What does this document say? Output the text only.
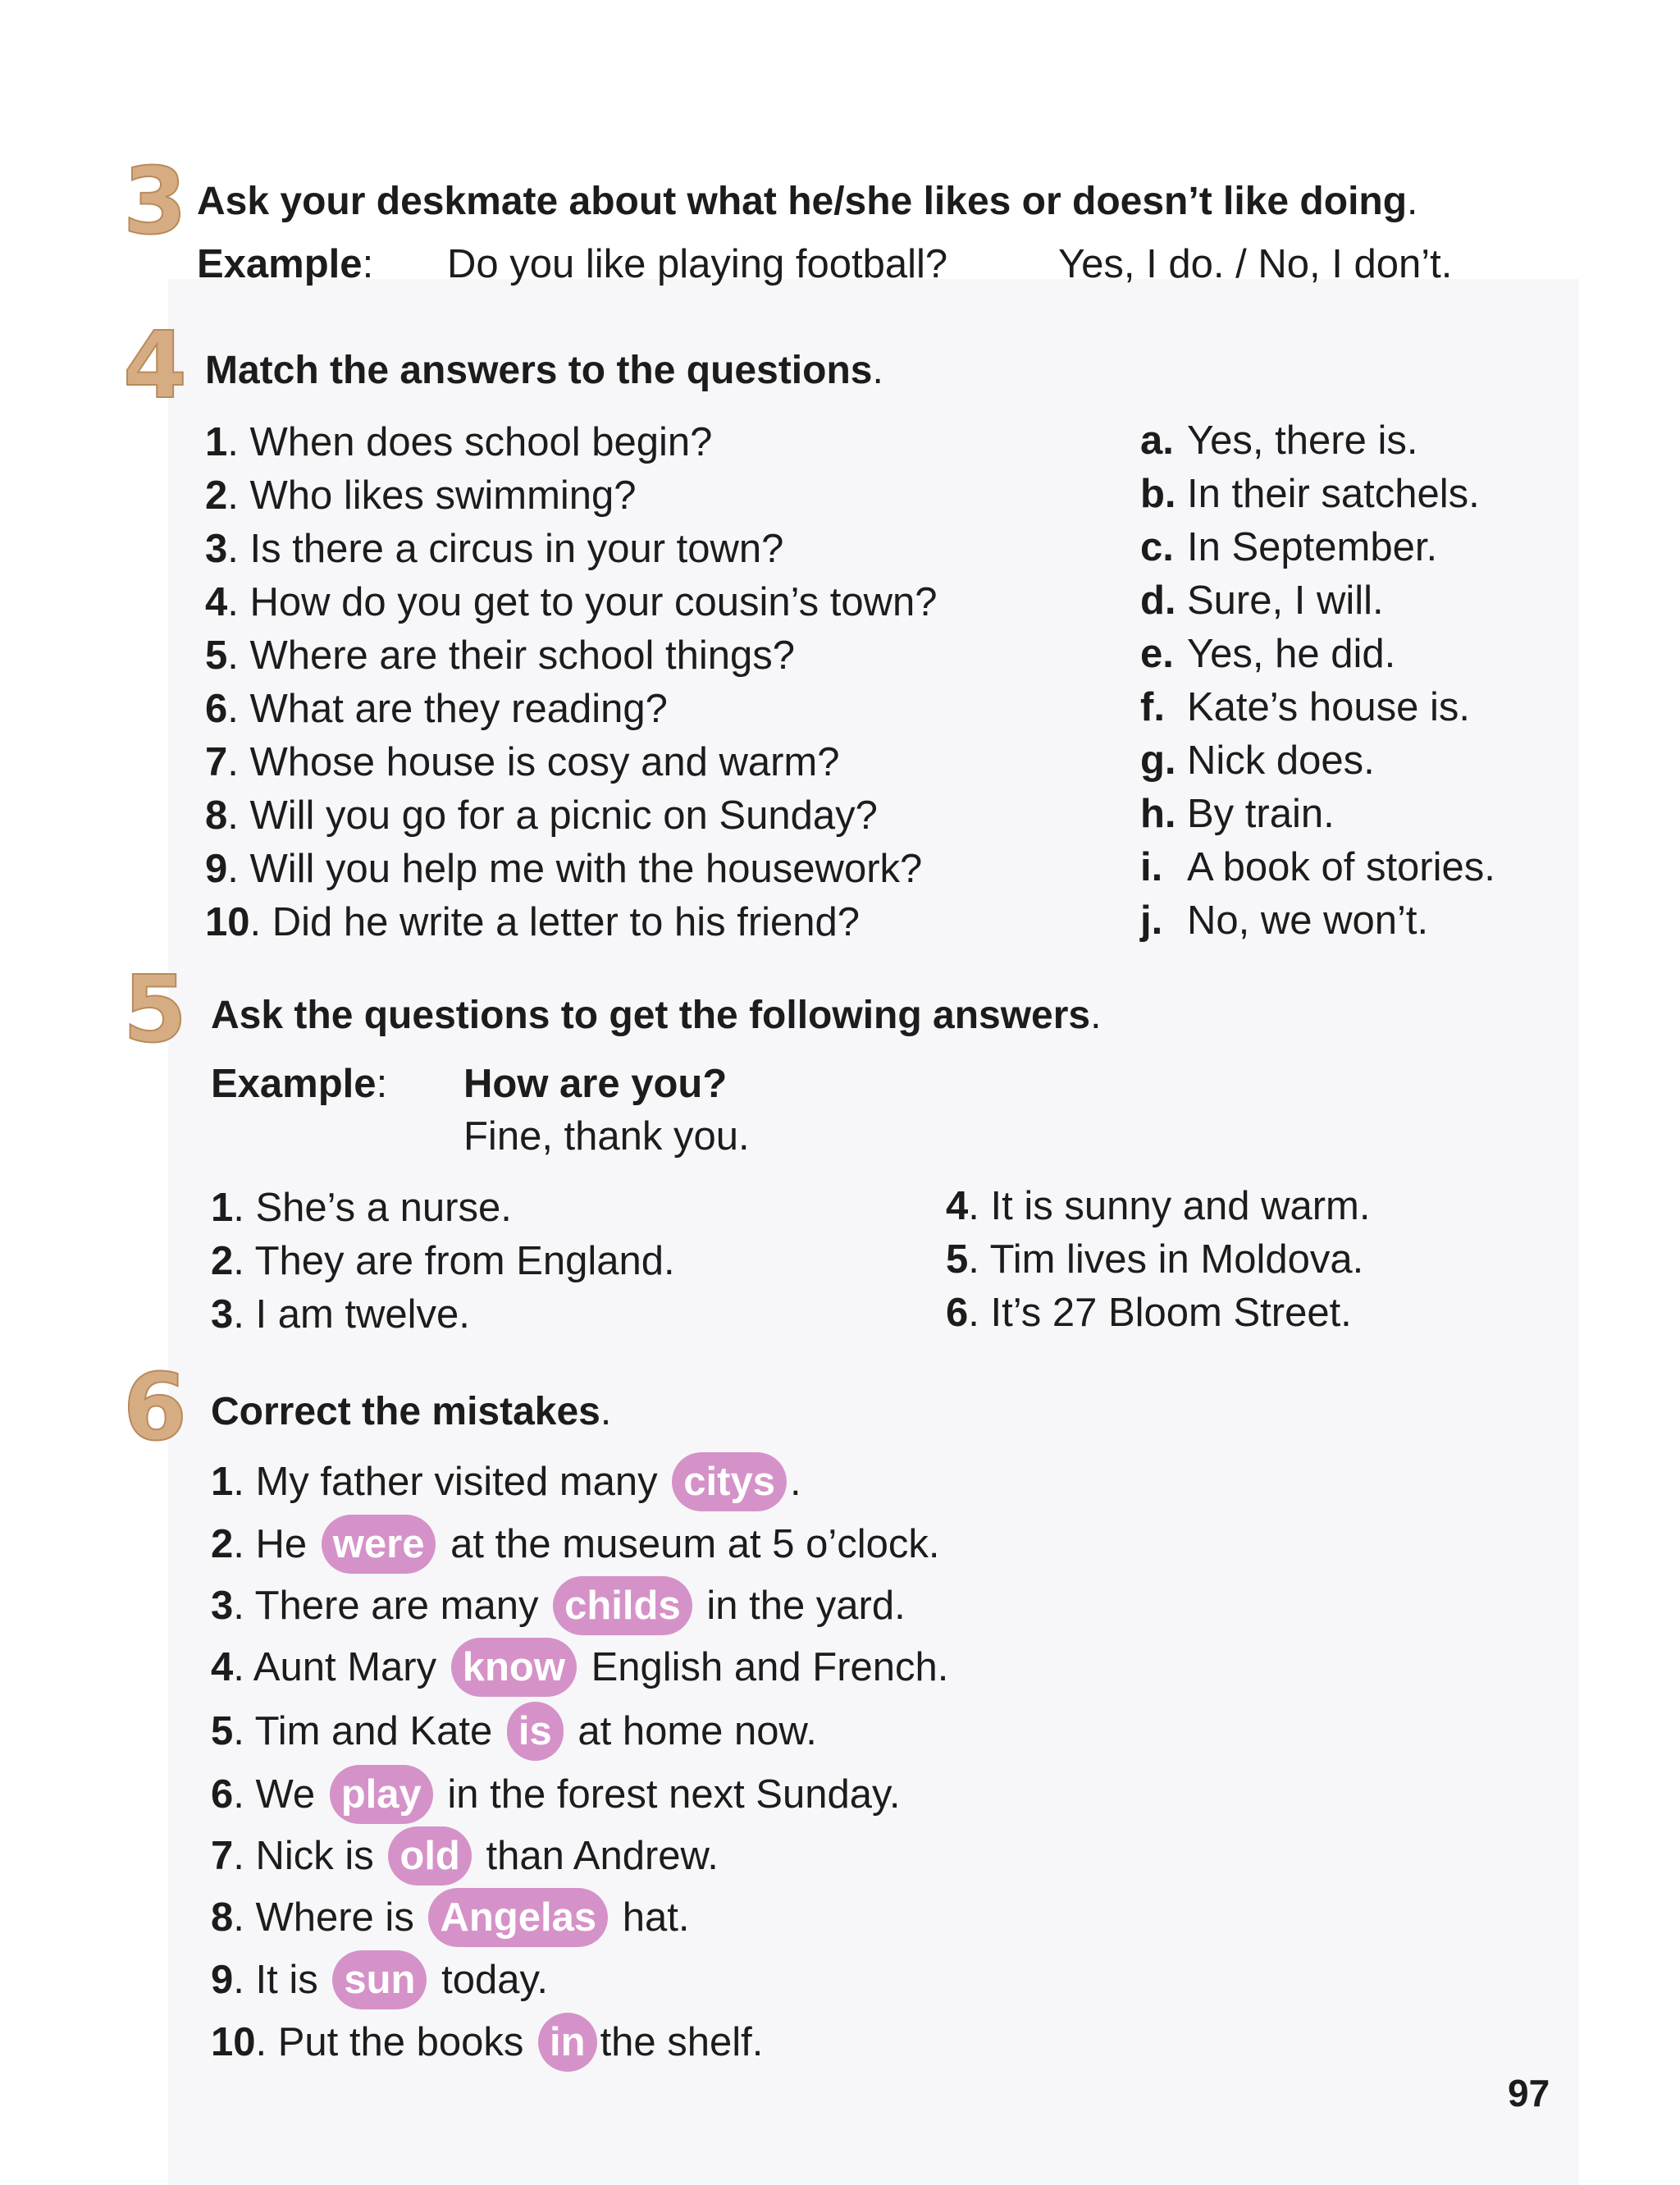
3 Ask your deskmate about what he/she likes or doesn’t like doing.
Example: Do you like playing football?	Yes, I do. / No, I don’t.
4 Match the answers to the questions.
1. When does school begin?
2. Who likes swimming?
3. Is there a circus in your town?
4. How do you get to your cousin’s town?
5. Where are their school things?
6. What are they reading?
7. Whose house is cosy and warm?
8. Will you go for a picnic on Sunday?
9. Will you help me with the housework?
10. Did he write a letter to his friend?
a. Yes, there is.
b. In their satchels.
c. In September.
d. Sure, I will.
e. Yes, he did.
f. Kate’s house is.
g. Nick does.
h. By train.
i. A book of stories.
j. No, we won’t.
5 Ask the questions to get the following answers.
Example: How are you?
Fine, thank you.
1. She’s a nurse.
2. They are from England.
3. I am twelve.
4. It is sunny and warm.
5. Tim lives in Moldova.
6. It’s 27 Bloom Street.
6 Correct the mistakes.
1. My father visited many citys .
2. He were at the museum at 5 o’clock.
3. There are many childs in the yard.
4. Aunt Mary know English and French.
5. Tim and Kate is at home now.
6. We play in the forest next Sunday.
7. Nick is old than Andrew.
8. Where is Angelas hat.
9. It is sun today.
10. Put the books in the shelf.
97
